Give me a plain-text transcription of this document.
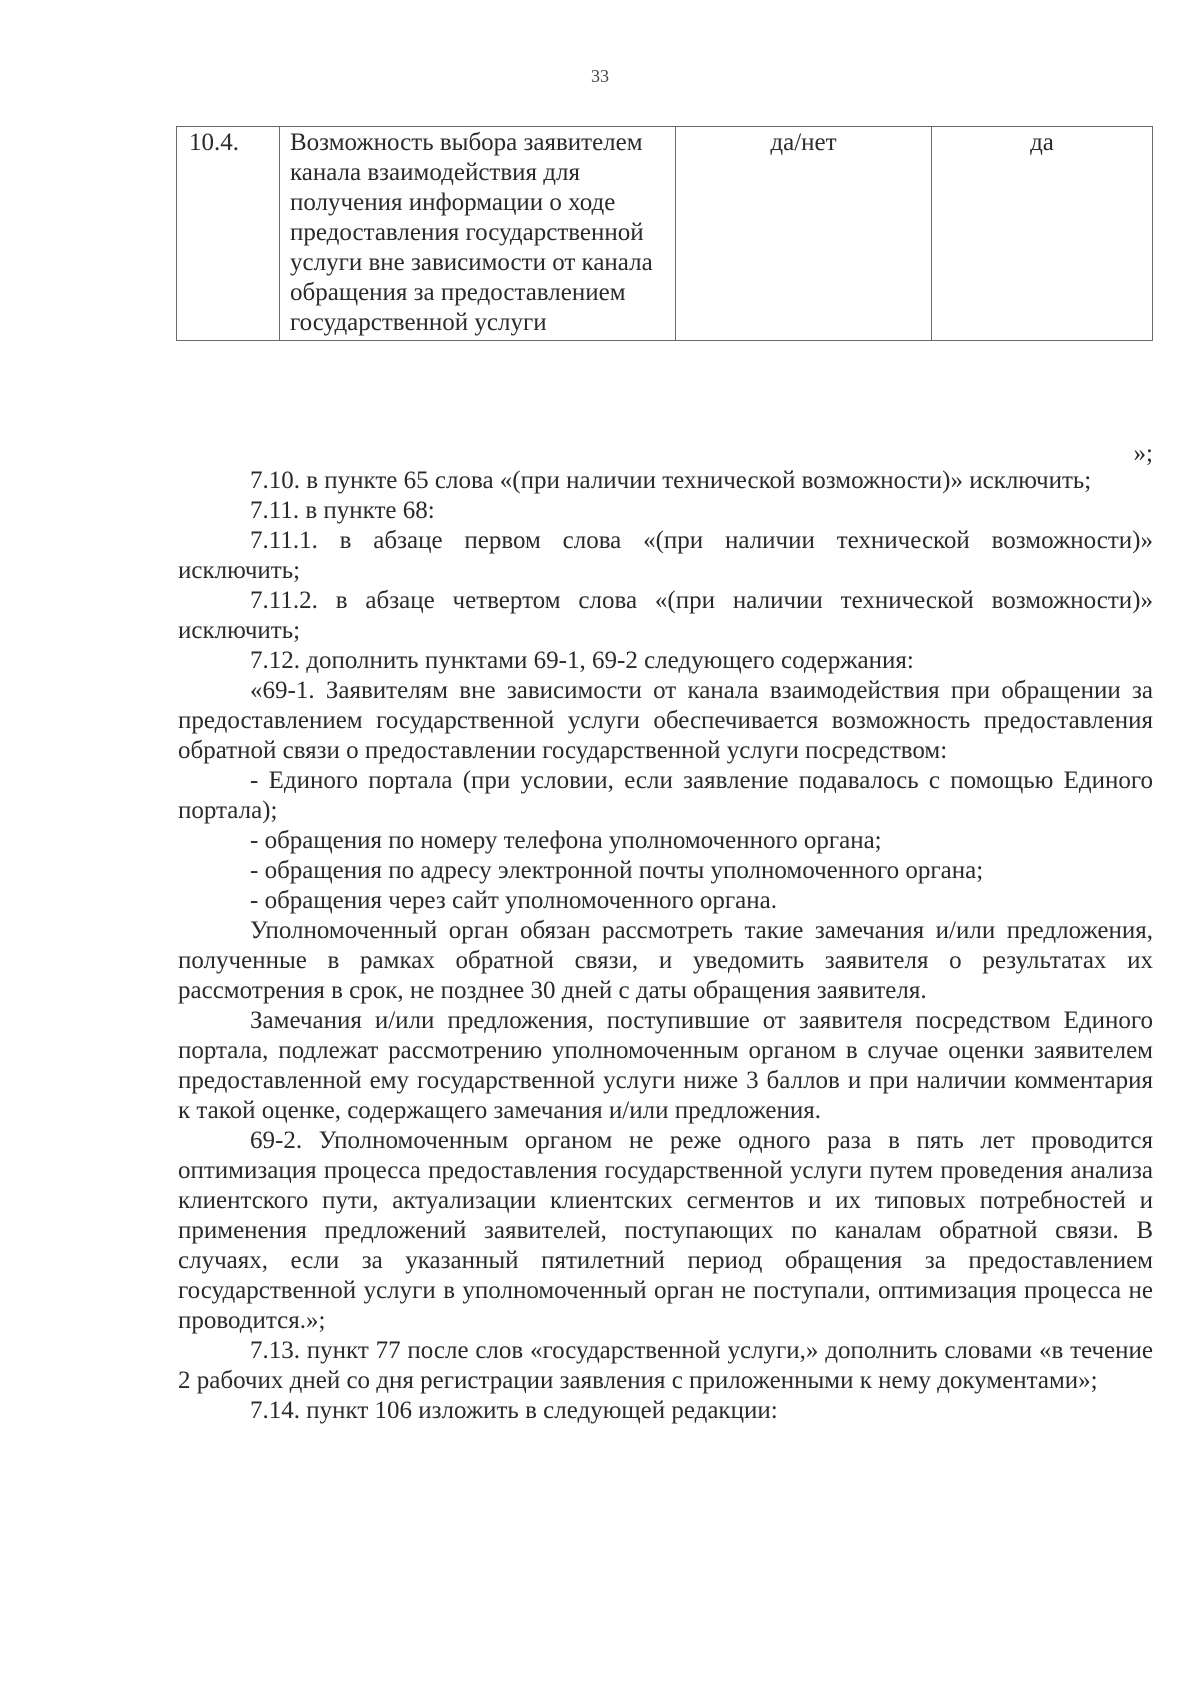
33
10.4.	Возможность выбора заявителем канала взаимодействия для получения информации о ходе предоставления государственной услуги вне зависимости от канала обращения за предоставлением государственной услуги	да/нет	да
»;

7.10. в пункте 65 слова «(при наличии технической возможности)» исключить;

7.11. в пункте 68:

7.11.1. в абзаце первом слова «(при наличии технической возможности)» исключить;

7.11.2. в абзаце четвертом слова «(при наличии технической возможности)» исключить;

7.12. дополнить пунктами 69-1, 69-2 следующего содержания:

«69-1. Заявителям вне зависимости от канала взаимодействия при обращении за предоставлением государственной услуги обеспечивается возможность предоставления обратной связи о предоставлении государственной услуги посредством:

- Единого портала (при условии, если заявление подавалось с помощью Единого портала);

- обращения по номеру телефона уполномоченного органа;

- обращения по адресу электронной почты уполномоченного органа;

- обращения через сайт уполномоченного органа.

Уполномоченный орган обязан рассмотреть такие замечания и/или предложения, полученные в рамках обратной связи, и уведомить заявителя о результатах их рассмотрения в срок, не позднее 30 дней с даты обращения заявителя.

Замечания и/или предложения, поступившие от заявителя посредством Единого портала, подлежат рассмотрению уполномоченным органом в случае оценки заявителем предоставленной ему государственной услуги ниже 3 баллов и при наличии комментария к такой оценке, содержащего замечания и/или предложения.

69-2. Уполномоченным органом не реже одного раза в пять лет проводится оптимизация процесса предоставления государственной услуги путем проведения анализа клиентского пути, актуализации клиентских сегментов и их типовых потребностей и применения предложений заявителей, поступающих по каналам обратной связи. В случаях, если за указанный пятилетний период обращения за предоставлением государственной услуги в уполномоченный орган не поступали, оптимизация процесса не проводится.»;

7.13. пункт 77 после слов «государственной услуги,» дополнить словами «в течение 2 рабочих дней со дня регистрации заявления с приложенными к нему документами»;

7.14. пункт 106 изложить в следующей редакции:
